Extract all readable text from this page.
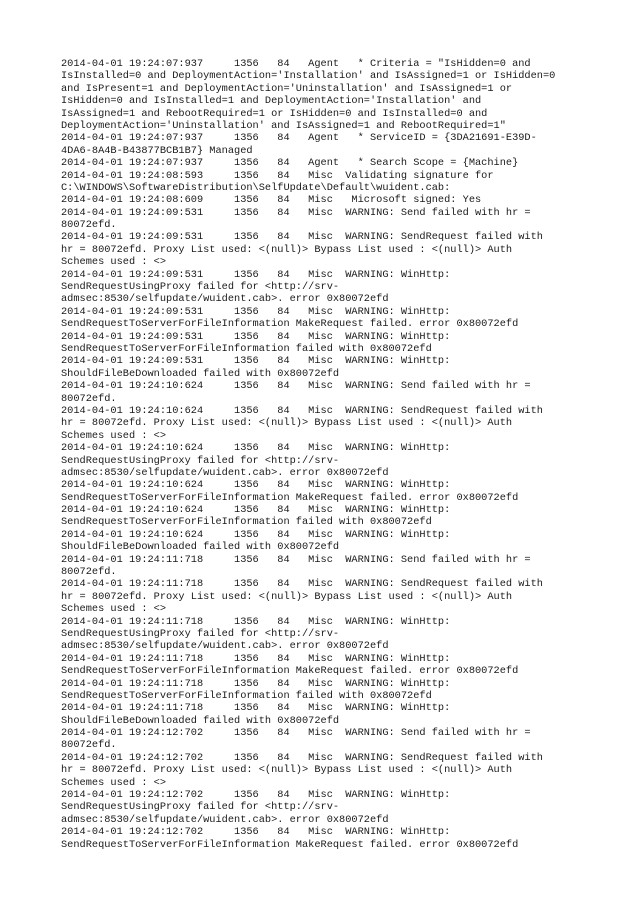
2014-04-01 19:24:07:937     1356   84   Agent   * Criteria = "IsHidden=0 and
IsInstalled=0 and DeploymentAction='Installation' and IsAssigned=1 or IsHidden=0
and IsPresent=1 and DeploymentAction='Uninstallation' and IsAssigned=1 or
IsHidden=0 and IsInstalled=1 and DeploymentAction='Installation' and
IsAssigned=1 and RebootRequired=1 or IsHidden=0 and IsInstalled=0 and
DeploymentAction='Uninstallation' and IsAssigned=1 and RebootRequired=1"
2014-04-01 19:24:07:937     1356   84   Agent   * ServiceID = {3DA21691-E39D-
4DA6-8A4B-B43877BCB1B7} Managed
2014-04-01 19:24:07:937     1356   84   Agent   * Search Scope = {Machine}
2014-04-01 19:24:08:593     1356   84   Misc  Validating signature for
C:\WINDOWS\SoftwareDistribution\SelfUpdate\Default\wuident.cab:
2014-04-01 19:24:08:609     1356   84   Misc   Microsoft signed: Yes
2014-04-01 19:24:09:531     1356   84   Misc  WARNING: Send failed with hr =
80072efd.
2014-04-01 19:24:09:531     1356   84   Misc  WARNING: SendRequest failed with
hr = 80072efd. Proxy List used: <(null)> Bypass List used : <(null)> Auth
Schemes used : <>
2014-04-01 19:24:09:531     1356   84   Misc  WARNING: WinHttp:
SendRequestUsingProxy failed for <http://srv-
admsec:8530/selfupdate/wuident.cab>. error 0x80072efd
2014-04-01 19:24:09:531     1356   84   Misc  WARNING: WinHttp:
SendRequestToServerForFileInformation MakeRequest failed. error 0x80072efd
2014-04-01 19:24:09:531     1356   84   Misc  WARNING: WinHttp:
SendRequestToServerForFileInformation failed with 0x80072efd
2014-04-01 19:24:09:531     1356   84   Misc  WARNING: WinHttp:
ShouldFileBeDownloaded failed with 0x80072efd
2014-04-01 19:24:10:624     1356   84   Misc  WARNING: Send failed with hr =
80072efd.
2014-04-01 19:24:10:624     1356   84   Misc  WARNING: SendRequest failed with
hr = 80072efd. Proxy List used: <(null)> Bypass List used : <(null)> Auth
Schemes used : <>
2014-04-01 19:24:10:624     1356   84   Misc  WARNING: WinHttp:
SendRequestUsingProxy failed for <http://srv-
admsec:8530/selfupdate/wuident.cab>. error 0x80072efd
2014-04-01 19:24:10:624     1356   84   Misc  WARNING: WinHttp:
SendRequestToServerForFileInformation MakeRequest failed. error 0x80072efd
2014-04-01 19:24:10:624     1356   84   Misc  WARNING: WinHttp:
SendRequestToServerForFileInformation failed with 0x80072efd
2014-04-01 19:24:10:624     1356   84   Misc  WARNING: WinHttp:
ShouldFileBeDownloaded failed with 0x80072efd
2014-04-01 19:24:11:718     1356   84   Misc  WARNING: Send failed with hr =
80072efd.
2014-04-01 19:24:11:718     1356   84   Misc  WARNING: SendRequest failed with
hr = 80072efd. Proxy List used: <(null)> Bypass List used : <(null)> Auth
Schemes used : <>
2014-04-01 19:24:11:718     1356   84   Misc  WARNING: WinHttp:
SendRequestUsingProxy failed for <http://srv-
admsec:8530/selfupdate/wuident.cab>. error 0x80072efd
2014-04-01 19:24:11:718     1356   84   Misc  WARNING: WinHttp:
SendRequestToServerForFileInformation MakeRequest failed. error 0x80072efd
2014-04-01 19:24:11:718     1356   84   Misc  WARNING: WinHttp:
SendRequestToServerForFileInformation failed with 0x80072efd
2014-04-01 19:24:11:718     1356   84   Misc  WARNING: WinHttp:
ShouldFileBeDownloaded failed with 0x80072efd
2014-04-01 19:24:12:702     1356   84   Misc  WARNING: Send failed with hr =
80072efd.
2014-04-01 19:24:12:702     1356   84   Misc  WARNING: SendRequest failed with
hr = 80072efd. Proxy List used: <(null)> Bypass List used : <(null)> Auth
Schemes used : <>
2014-04-01 19:24:12:702     1356   84   Misc  WARNING: WinHttp:
SendRequestUsingProxy failed for <http://srv-
admsec:8530/selfupdate/wuident.cab>. error 0x80072efd
2014-04-01 19:24:12:702     1356   84   Misc  WARNING: WinHttp:
SendRequestToServerForFileInformation MakeRequest failed. error 0x80072efd
